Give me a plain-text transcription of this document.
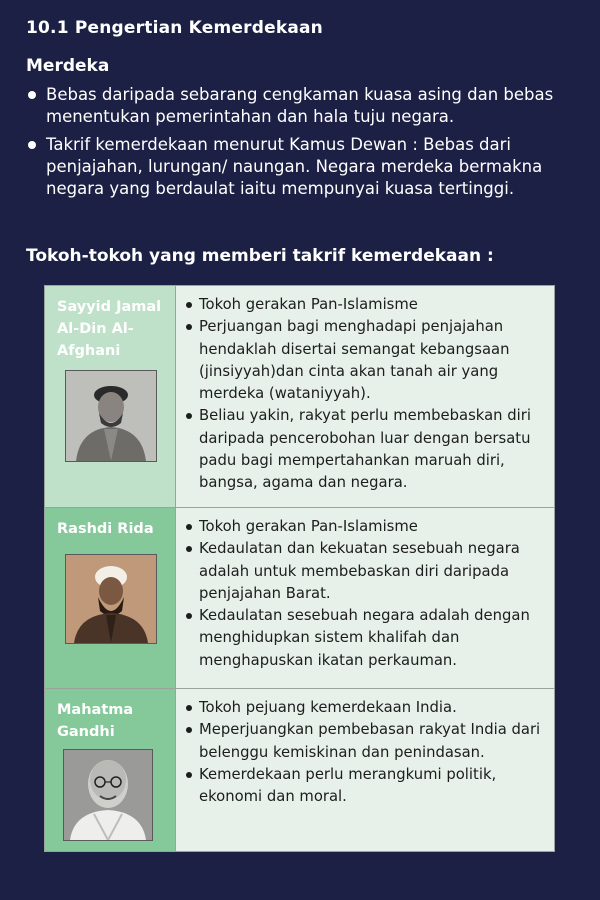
10.1 Pengertian Kemerdekaan
Merdeka
Bebas daripada sebarang cengkaman kuasa asing dan bebas menentukan pemerintahan dan hala tuju negara.
Takrif kemerdekaan menurut Kamus Dewan : Bebas dari penjajahan, lurungan/ naungan. Negara merdeka bermakna negara yang berdaulat iaitu mempunyai kuasa tertinggi.
Tokoh-tokoh yang memberi takrif kemerdekaan :
Sayyid Jamal Al-Din Al-Afghani
Tokoh gerakan Pan-Islamisme
Perjuangan bagi menghadapi penjajahan hendaklah disertai semangat kebangsaan (jinsiyyah)dan cinta akan tanah air yang merdeka (wataniyyah).
Beliau yakin, rakyat perlu membebaskan diri daripada pencerobohan luar dengan bersatu padu bagi mempertahankan maruah diri, bangsa, agama dan negara.
Rashdi Rida	Tokoh gerakan Pan-Islamisme
Kedaulatan dan kekuatan sesebuah negara adalah untuk membebaskan diri daripada penjajahan Barat.
Kedaulatan sesebuah negara adalah dengan menghidupkan sistem khalifah dan menghapuskan ikatan perkauman.
Mahatma Gandhi
Tokoh pejuang kemerdekaan India.
Meperjuangkan pembebasan rakyat India dari belenggu kemiskinan dan penindasan.
Kemerdekaan perlu merangkumi politik, ekonomi dan moral.
